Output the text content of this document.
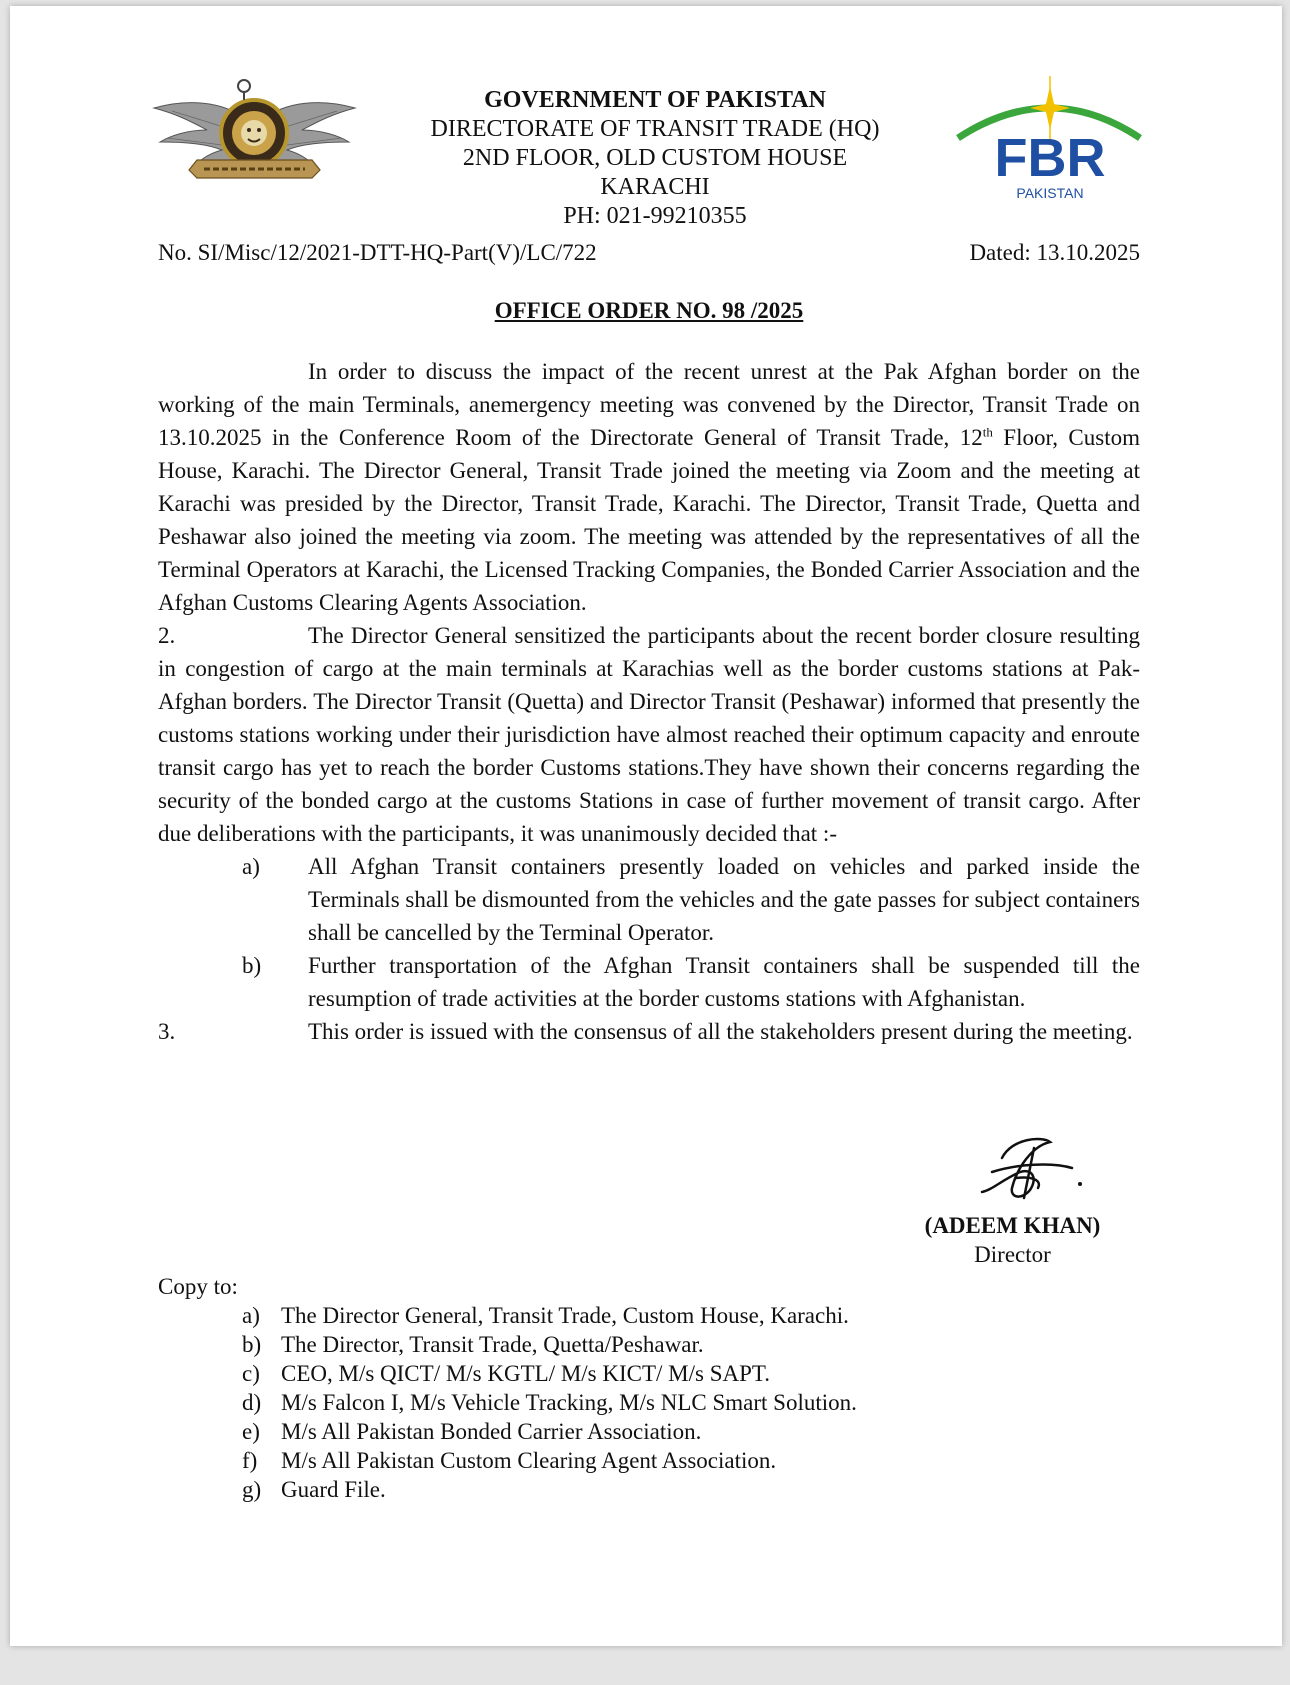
GOVERNMENT OF PAKISTAN
DIRECTORATE OF TRANSIT TRADE (HQ)
2ND FLOOR, OLD CUSTOM HOUSE
KARACHI
PH: 021-99210355
FBR
PAKISTAN
No. SI/Misc/12/2021-DTT-HQ-Part(V)/LC/722	Dated: 13.10.2025
OFFICE ORDER NO. 98 /2025

In order to discuss the impact of the recent unrest at the Pak Afghan border on the working of the main Terminals, anemergency meeting was convened by the Director, Transit Trade on 13.10.2025 in the Conference Room of the Directorate General of Transit Trade, 12th Floor, Custom House, Karachi. The Director General, Transit Trade joined the meeting via Zoom and the meeting at Karachi was presided by the Director, Transit Trade, Karachi. The Director, Transit Trade, Quetta and Peshawar also joined the meeting via zoom. The meeting was attended by the representatives of all the Terminal Operators at Karachi, the Licensed Tracking Companies, the Bonded Carrier Association and the Afghan Customs Clearing Agents Association.

2.	The Director General sensitized the participants about the recent border closure resulting in congestion of cargo at the main terminals at Karachias well as the border customs stations at Pak-Afghan borders. The Director Transit (Quetta) and Director Transit (Peshawar) informed that presently the customs stations working under their jurisdiction have almost reached their optimum capacity and enroute transit cargo has yet to reach the border Customs stations.They have shown their concerns regarding the security of the bonded cargo at the customs Stations in case of further movement of transit cargo. After due deliberations with the participants, it was unanimously decided that :-

a) All Afghan Transit containers presently loaded on vehicles and parked inside the Terminals shall be dismounted from the vehicles and the gate passes for subject containers shall be cancelled by the Terminal Operator.

b) Further transportation of the Afghan Transit containers shall be suspended till the resumption of trade activities at the border customs stations with Afghanistan.

3.	This order is issued with the consensus of all the stakeholders present during the meeting.

(ADEEM KHAN)
Director
Copy to:
a) The Director General, Transit Trade, Custom House, Karachi.
b) The Director, Transit Trade, Quetta/Peshawar.
c) CEO, M/s QICT/ M/s KGTL/ M/s KICT/ M/s SAPT.
d) M/s Falcon I, M/s Vehicle Tracking, M/s NLC Smart Solution.
e) M/s All Pakistan Bonded Carrier Association.
f) M/s All Pakistan Custom Clearing Agent Association.
g) Guard File.
